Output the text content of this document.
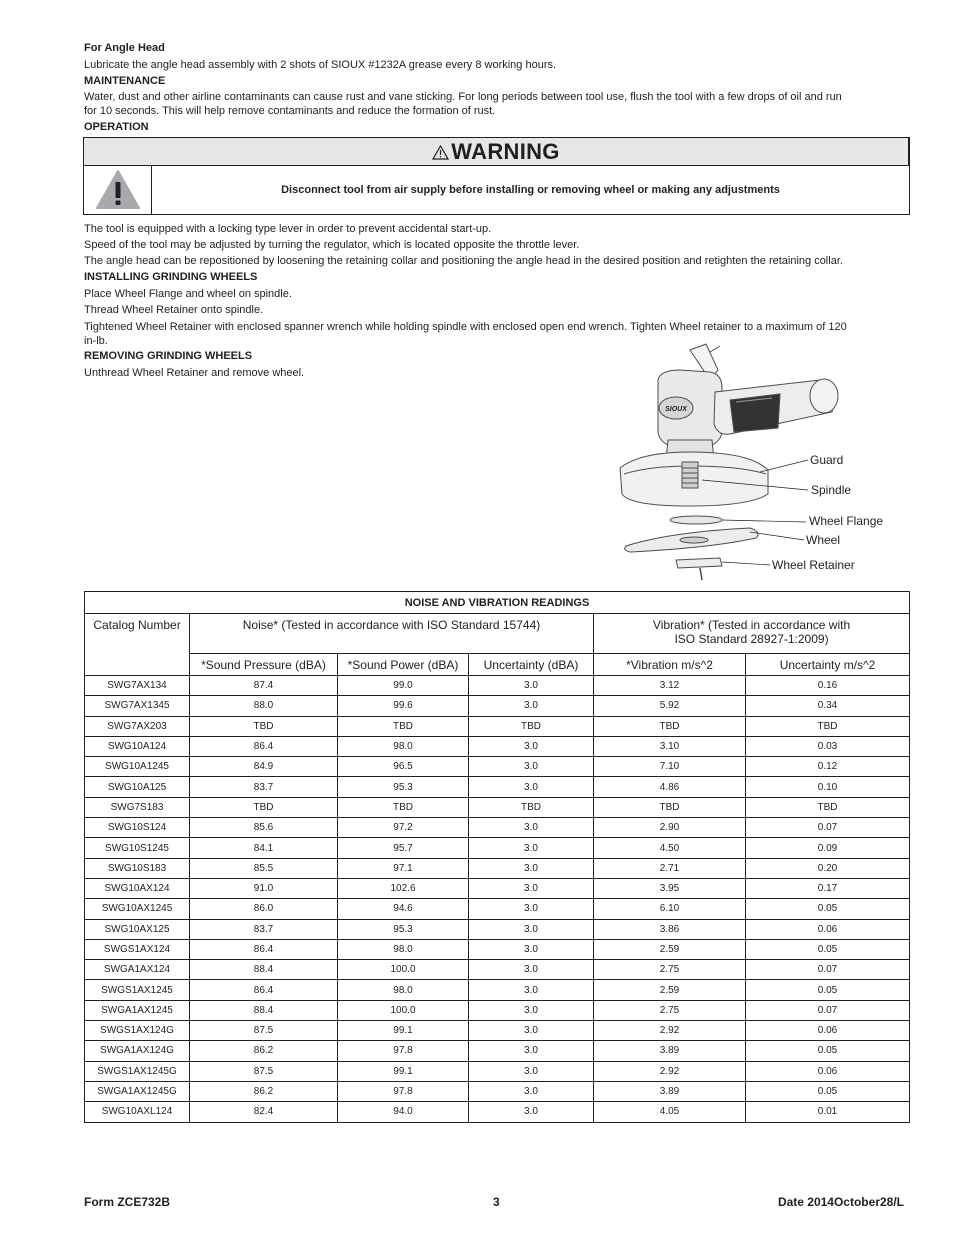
For Angle Head
Lubricate the angle head assembly with 2 shots of SIOUX #1232A grease every 8 working hours.
MAINTENANCE
Water, dust and other airline contaminants can cause rust and vane sticking. For long periods between tool use, flush the tool with a few drops of oil and run
for 10 seconds. This will help remove contaminants and reduce the formation of rust.
OPERATION
WARNING
Disconnect tool from air supply before installing or removing wheel or making any adjustments
The tool is equipped with a locking type lever in order to prevent accidental start-up.
Speed of the tool may be adjusted by turning the regulator, which is located opposite the throttle lever.
The angle head can be repositioned by loosening the retaining collar and positioning the angle head in the desired position and retighten the retaining collar.
INSTALLING GRINDING WHEELS
Place Wheel Flange and wheel on spindle.
Thread Wheel Retainer onto spindle.
Tightened Wheel Retainer with enclosed spanner wrench while holding spindle with enclosed open end wrench. Tighten Wheel retainer to a maximum of 120
in-lb.
REMOVING GRINDING WHEELS
Unthread Wheel Retainer and remove wheel.
SIOUX
Guard
Spindle
Wheel Flange
Wheel
Wheel Retainer
NOISE AND VIBRATION READINGS					
Catalog Number	Noise* (Tested in accordance with ISO Standard 15744)			Vibration* (Tested in accordance with
ISO Standard 28927-1:2009)	
	*Sound Pressure (dBA)	*Sound Power (dBA)	Uncertainty (dBA)	*Vibration m/s^2	Uncertainty m/s^2
SWG7AX134	87.4	99.0	3.0	3.12	0.16
SWG7AX1345	88.0	99.6	3.0	5.92	0.34
SWG7AX203	TBD	TBD	TBD	TBD	TBD
SWG10A124	86.4	98.0	3.0	3.10	0.03
SWG10A1245	84.9	96.5	3.0	7.10	0.12
SWG10A125	83.7	95.3	3.0	4.86	0.10
SWG7S183	TBD	TBD	TBD	TBD	TBD
SWG10S124	85.6	97.2	3.0	2.90	0.07
SWG10S1245	84.1	95.7	3.0	4.50	0.09
SWG10S183	85.5	97.1	3.0	2.71	0.20
SWG10AX124	91.0	102.6	3.0	3.95	0.17
SWG10AX1245	86.0	94.6	3.0	6.10	0.05
SWG10AX125	83.7	95.3	3.0	3.86	0.06
SWGS1AX124	86.4	98.0	3.0	2.59	0.05
SWGA1AX124	88.4	100.0	3.0	2.75	0.07
SWGS1AX1245	86.4	98.0	3.0	2.59	0.05
SWGA1AX1245	88.4	100.0	3.0	2.75	0.07
SWGS1AX124G	87.5	99.1	3.0	2.92	0.06
SWGA1AX124G	86.2	97.8	3.0	3.89	0.05
SWGS1AX1245G	87.5	99.1	3.0	2.92	0.06
SWGA1AX1245G	86.2	97.8	3.0	3.89	0.05
SWG10AXL124	82.4	94.0	3.0	4.05	0.01
Form ZCE732B	3	Date 2014October28/L
